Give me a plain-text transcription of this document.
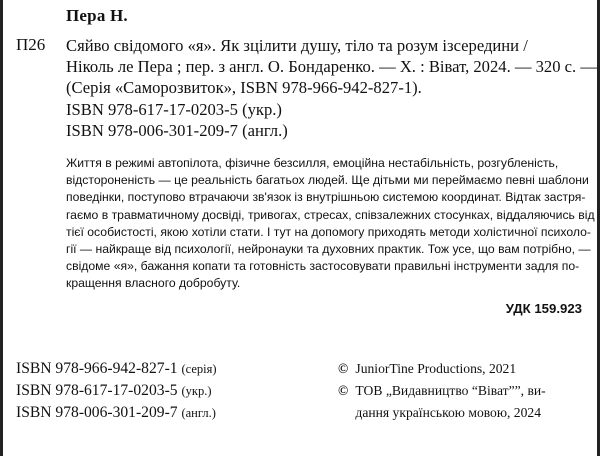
Пера Н.
П26 Сяйво свідомого «я». Як зцілити душу, тіло та розум ізсередини /
Ніколь ле Пера ; пер. з англ. О. Бондаренко. — Х. : Віват, 2024. — 320 с. —
(Серія «Саморозвиток», ISBN 978-966-942-827-1).
ISBN 978-617-17-0203-5 (укр.)
ISBN 978-006-301-209-7 (англ.)
Життя в режимі автопілота, фізичне безсилля, емоційна нестабільність, розгубленість,
відстороненість — це реальність багатьох людей. Ще дітьми ми переймаємо певні шаблони
поведінки, поступово втрачаючи зв'язок із внутрішньою системою координат. Відтак застря-
гаємо в травматичному досвіді, тривогах, стресах, співзалежних стосунках, віддаляючись від
тієї особистості, якою хотіли стати. І тут на допомогу приходять методи холістичної психоло-
гії — найкраще від психології, нейронауки та духовних практик. Тож усе, що вам потрібно, —
свідоме «я», бажання копати та готовність застосовувати правильні інструменти задля по-
кращення власного добробуту.
УДК 159.923
ISBN 978-966-942-827-1 (серія)
ISBN 978-617-17-0203-5 (укр.)
ISBN 978-006-301-209-7 (англ.)
© JuniorTine Productions, 2021
© ТОВ „Видавництво “Віват””, ви-
дання українською мовою, 2024
